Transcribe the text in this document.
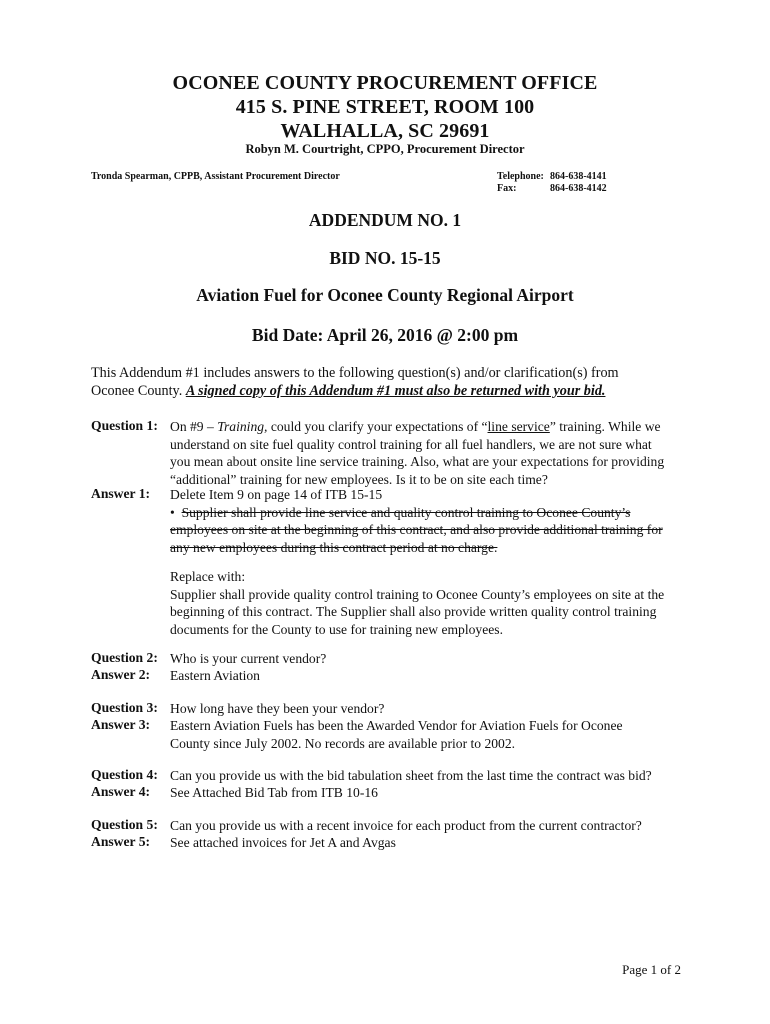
OCONEE COUNTY PROCUREMENT OFFICE
415 S. PINE STREET, ROOM 100
WALHALLA, SC 29691
Robyn M. Courtright, CPPO, Procurement Director
Tronda Spearman, CPPB, Assistant Procurement Director	Telephone: 864-638-4141
Fax:	864-638-4142
ADDENDUM NO. 1
BID NO. 15-15
Aviation Fuel for Oconee County Regional Airport
Bid Date: April 26, 2016 @ 2:00 pm
This Addendum #1 includes answers to the following question(s) and/or clarification(s) from
Oconee County. A signed copy of this Addendum #1 must also be returned with your bid.
Question 1: On #9 – Training, could you clarify your expectations of “line service” training. While we
understand on site fuel quality control training for all fuel handlers, we are not sure what
you mean about onsite line service training. Also, what are your expectations for providing
“additional” training for new employees. Is it to be on site each time?
Answer 1: Delete Item 9 on page 14 of ITB 15-15
• Supplier shall provide line service and quality control training to Oconee County’s
employees on site at the beginning of this contract, and also provide additional training for
any new employees during this contract period at no charge.
Replace with:
Supplier shall provide quality control training to Oconee County’s employees on site at the
beginning of this contract. The Supplier shall also provide written quality control training
documents for the County to use for training new employees.
Question 2: Who is your current vendor?
Answer 2: Eastern Aviation
Question 3: How long have they been your vendor?
Answer 3: Eastern Aviation Fuels has been the Awarded Vendor for Aviation Fuels for Oconee
County since July 2002. No records are available prior to 2002.
Question 4: Can you provide us with the bid tabulation sheet from the last time the contract was bid?
Answer 4: See Attached Bid Tab from ITB 10-16
Question 5: Can you provide us with a recent invoice for each product from the current contractor?
Answer 5: See attached invoices for Jet A and Avgas
Page 1 of 2
